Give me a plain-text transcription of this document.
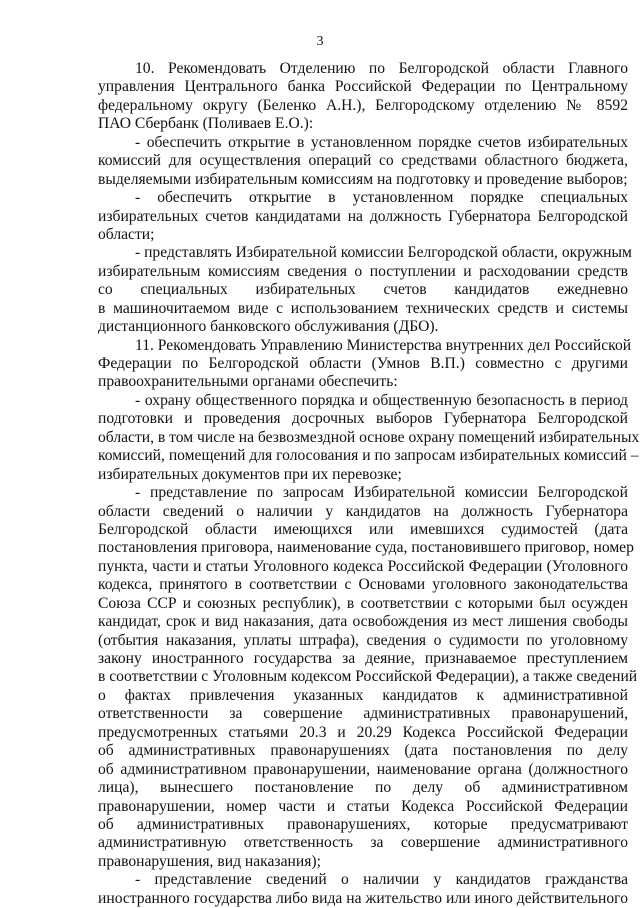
3
10. Рекомендовать Отделению по Белгородской области Главного
управления Центрального банка Российской Федерации по Центральному
федеральному округу (Беленко А.Н.), Белгородскому отделению № 8592
ПАО Сбербанк (Поливаев Е.О.):
- обеспечить открытие в установленном порядке счетов избирательных
комиссий для осуществления операций со средствами областного бюджета,
выделяемыми избирательным комиссиям на подготовку и проведение выборов;
- обеспечить открытие в установленном порядке специальных
избирательных счетов кандидатами на должность Губернатора Белгородской
области;
- представлять Избирательной комиссии Белгородской области, окружным
избирательным комиссиям сведения о поступлении и расходовании средств
со специальных избирательных счетов кандидатов ежедневно
в машиночитаемом виде с использованием технических средств и системы
дистанционного банковского обслуживания (ДБО).
11. Рекомендовать Управлению Министерства внутренних дел Российской
Федерации по Белгородской области (Умнов В.П.) совместно с другими
правоохранительными органами обеспечить:
- охрану общественного порядка и общественную безопасность в период
подготовки и проведения досрочных выборов Губернатора Белгородской
области, в том числе на безвозмездной основе охрану помещений избирательных
комиссий, помещений для голосования и по запросам избирательных комиссий –
избирательных документов при их перевозке;
- представление по запросам Избирательной комиссии Белгородской
области сведений о наличии у кандидатов на должность Губернатора
Белгородской области имеющихся или имевшихся судимостей (дата
постановления приговора, наименование суда, постановившего приговор, номер
пункта, части и статьи Уголовного кодекса Российской Федерации (Уголовного
кодекса, принятого в соответствии с Основами уголовного законодательства
Союза ССР и союзных республик), в соответствии с которыми был осужден
кандидат, срок и вид наказания, дата освобождения из мест лишения свободы
(отбытия наказания, уплаты штрафа), сведения о судимости по уголовному
закону иностранного государства за деяние, признаваемое преступлением
в соответствии с Уголовным кодексом Российской Федерации), а также сведений
о фактах привлечения указанных кандидатов к административной
ответственности за совершение административных правонарушений,
предусмотренных статьями 20.3 и 20.29 Кодекса Российской Федерации
об административных правонарушениях (дата постановления по делу
об административном правонарушении, наименование органа (должностного
лица), вынесшего постановление по делу об административном
правонарушении, номер части и статьи Кодекса Российской Федерации
об административных правонарушениях, которые предусматривают
административную ответственность за совершение административного
правонарушения, вид наказания);
- представление сведений о наличии у кандидатов гражданства
иностранного государства либо вида на жительство или иного действительного
